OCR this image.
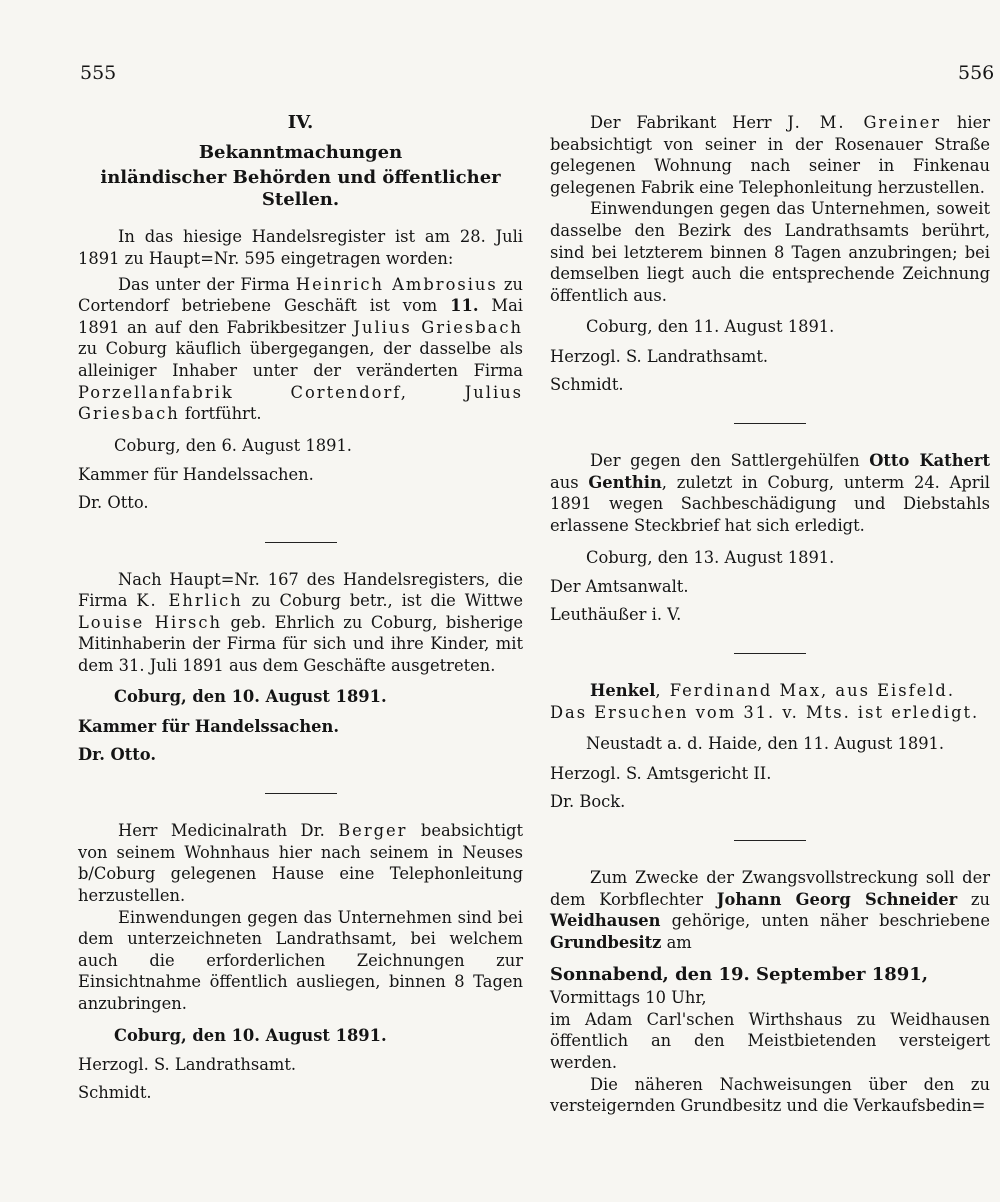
555	556
IV.
Bekanntmachungen
inländischer Behörden und öffentlicher Stellen.

In das hiesige Handelsregister ist am 28. Juli 1891 zu Haupt=Nr. 595 eingetragen worden:

Das unter der Firma Heinrich Ambrosius zu Cortendorf betriebene Geschäft ist vom 11. Mai 1891 an auf den Fabrikbesitzer Julius Griesbach zu Coburg käuflich übergegangen, der dasselbe als alleiniger Inhaber unter der veränderten Firma Porzellanfabrik Cortendorf, Julius Griesbach fortführt.

Coburg, den 6. August 1891.

Kammer für Handelssachen.

Dr. Otto.

Nach Haupt=Nr. 167 des Handelsregisters, die Firma K. Ehrlich zu Coburg betr., ist die Wittwe Louise Hirsch geb. Ehrlich zu Coburg, bisherige Mitinhaberin der Firma für sich und ihre Kinder, mit dem 31. Juli 1891 aus dem Geschäfte ausgetreten.

Coburg, den 10. August 1891.

Kammer für Handelssachen.

Dr. Otto.

Herr Medicinalrath Dr. Berger beabsichtigt von seinem Wohnhaus hier nach seinem in Neuses b/Coburg gelegenen Hause eine Telephonleitung herzustellen.

Einwendungen gegen das Unternehmen sind bei dem unterzeichneten Landrathsamt, bei welchem auch die erforderlichen Zeichnungen zur Einsichtnahme öffentlich ausliegen, binnen 8 Tagen anzubringen.

Coburg, den 10. August 1891.

Herzogl. S. Landrathsamt.

Schmidt.

Der Fabrikant Herr J. M. Greiner hier beabsichtigt von seiner in der Rosenauer Straße gelegenen Wohnung nach seiner in Finkenau gelegenen Fabrik eine Telephonleitung herzustellen.

Einwendungen gegen das Unternehmen, soweit dasselbe den Bezirk des Landrathsamts berührt, sind bei letzterem binnen 8 Tagen anzubringen; bei demselben liegt auch die entsprechende Zeichnung öffentlich aus.

Coburg, den 11. August 1891.

Herzogl. S. Landrathsamt.

Schmidt.

Der gegen den Sattlergehülfen Otto Kathert aus Genthin, zuletzt in Coburg, unterm 24. April 1891 wegen Sachbeschädigung und Diebstahls erlassene Steckbrief hat sich erledigt.

Coburg, den 13. August 1891.

Der Amtsanwalt.

Leuthäußer i. V.

Henkel, Ferdinand Max, aus Eisfeld.

Das Ersuchen vom 31. v. Mts. ist erledigt.

Neustadt a. d. Haide, den 11. August 1891.

Herzogl. S. Amtsgericht II.

Dr. Bock.

Zum Zwecke der Zwangsvollstreckung soll der dem Korbflechter Johann Georg Schneider zu Weidhausen gehörige, unten näher beschriebene Grundbesitz am

Sonnabend, den 19. September 1891,

Vormittags 10 Uhr,

im Adam Carl'schen Wirthshaus zu Weidhausen öffentlich an den Meistbietenden versteigert werden.

Die näheren Nachweisungen über den zu versteigernden Grundbesitz und die Verkaufsbedin=
